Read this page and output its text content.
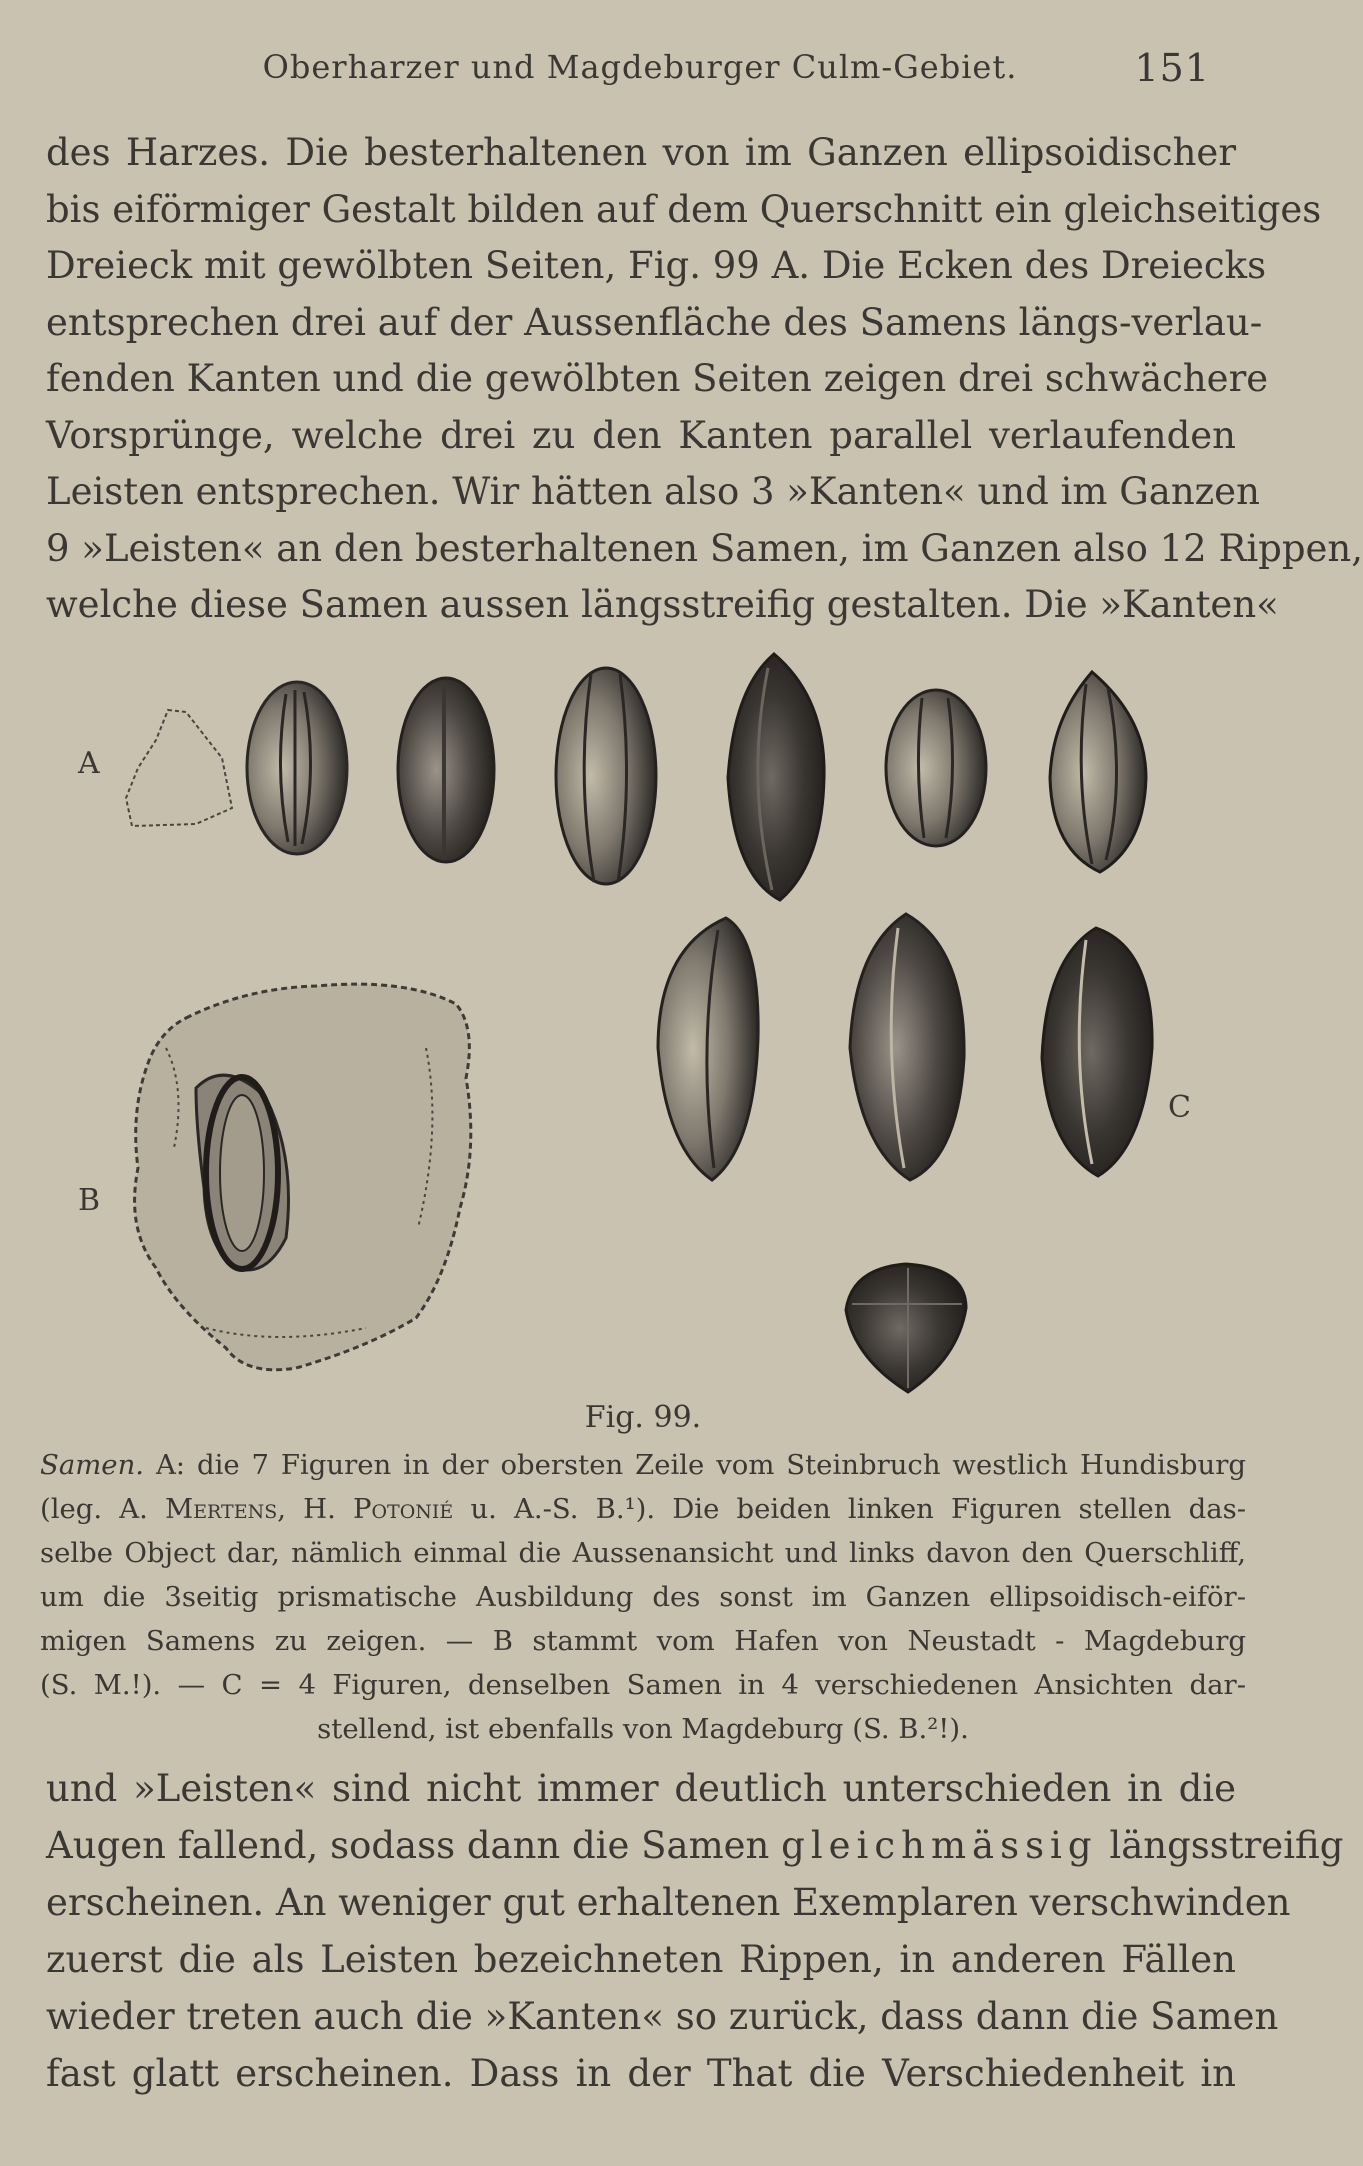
Oberharzer und Magdeburger Culm-Gebiet.	151
des Harzes. Die besterhaltenen von im Ganzen ellipsoidischer
bis eiförmiger Gestalt bilden auf dem Querschnitt ein gleichseitiges
Dreieck mit gewölbten Seiten, Fig. 99 A. Die Ecken des Dreiecks
entsprechen drei auf der Aussenfläche des Samens längs-verlau-
fenden Kanten und die gewölbten Seiten zeigen drei schwächere
Vorsprünge, welche drei zu den Kanten parallel verlaufenden
Leisten entsprechen. Wir hätten also 3 »Kanten« und im Ganzen
9 »Leisten« an den besterhaltenen Samen, im Ganzen also 12 Rippen,
welche diese Samen aussen längsstreifig gestalten. Die »Kanten«
A
B
C
Fig. 99.
Samen. A: die 7 Figuren in der obersten Zeile vom Steinbruch westlich Hundisburg
(leg. A. Mertens, H. Potonié u. A.-S. B.¹). Die beiden linken Figuren stellen das-
selbe Object dar, nämlich einmal die Aussenansicht und links davon den Querschliff,
um die 3seitig prismatische Ausbildung des sonst im Ganzen ellipsoidisch-eiför-
migen Samens zu zeigen. — B stammt vom Hafen von Neustadt - Magdeburg
(S. M.!). — C = 4 Figuren, denselben Samen in 4 verschiedenen Ansichten dar-
stellend, ist ebenfalls von Magdeburg (S. B.²!).
und »Leisten« sind nicht immer deutlich unterschieden in die
Augen fallend, sodass dann die Samen gleichmässig längsstreifig
erscheinen. An weniger gut erhaltenen Exemplaren verschwinden
zuerst die als Leisten bezeichneten Rippen, in anderen Fällen
wieder treten auch die »Kanten« so zurück, dass dann die Samen
fast glatt erscheinen. Dass in der That die Verschiedenheit in
